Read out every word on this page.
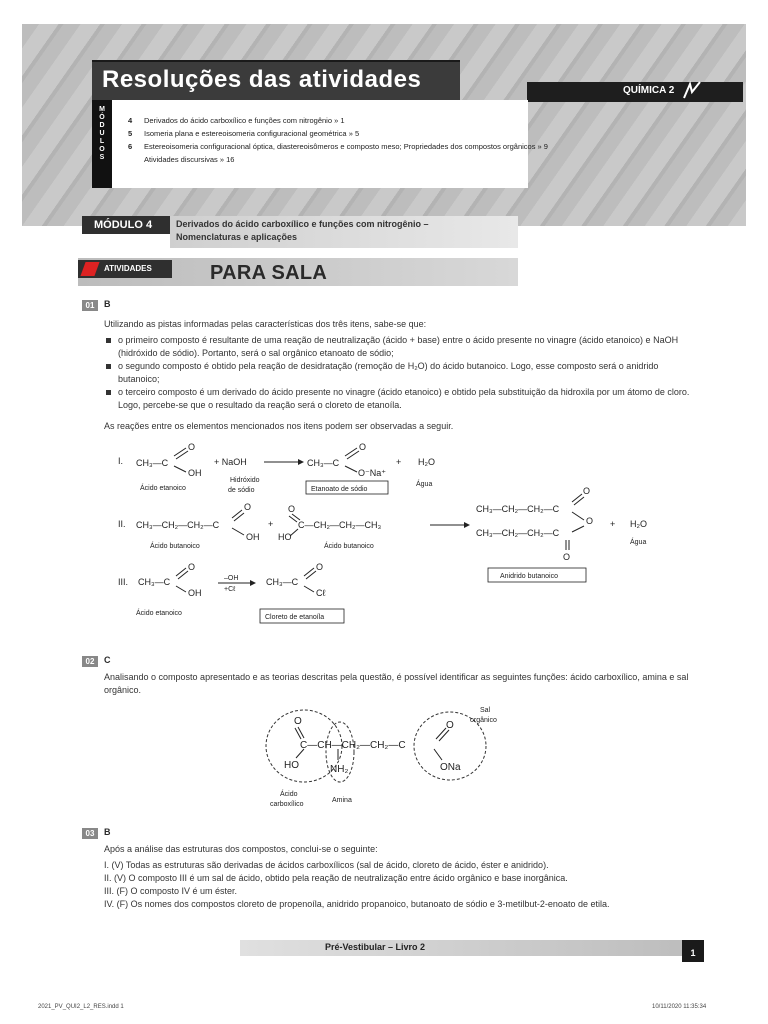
Resoluções das atividades	QUÍMICA 2
M
Ó
D
U
L
O
S
4 Derivados do ácido carboxílico e funções com nitrogênio » 1
5 Isomeria plana e estereoisomeria configuracional geométrica » 5
6 Estereoisomeria configuracional óptica, diastereoisômeros e composto meso; Propriedades dos compostos orgânicos » 9
Atividades discursivas » 16
MÓDULO 4	Derivados do ácido carboxílico e funções com nitrogênio –
Nomenclaturas e aplicações
ATIVIDADES	PARA SALA
01	B
Utilizando as pistas informadas pelas características dos três itens, sabe-se que:
o primeiro composto é resultante de uma reação de neutralização (ácido + base) entre o ácido presente no vinagre (ácido etanoico) e NaOH (hidróxido de sódio). Portanto, será o sal orgânico etanoato de sódio;
o segundo composto é obtido pela reação de desidratação (remoção de H₂O) do ácido butanoico. Logo, esse composto será o anidrido butanoico;
o terceiro composto é um derivado do ácido presente no vinagre (ácido etanoico) e obtido pela substituição da hidroxila por um átomo de cloro. Logo, percebe-se que o resultado da reação será o cloreto de etanoíla.
As reações entre os elementos mencionados nos itens podem ser observadas a seguir.
I. CH₃—C
O
OH
+ NaOH	CH₃—C
O
O⁻Na⁺
+ H₂O
Ácido etanoico
Hidróxido
de sódio	Etanoato de sódio
Água
II. CH₃—CH₂—CH₂—C
O
OH
+
O
C—CH₂—CH₂—CH₃
HO
CH₃—CH₂—CH₂—C
O
O
CH₃—CH₂—CH₂—C
O
+ H₂O
Ácido butanoico	Ácido butanoico
Água
Anidrido butanoico
III. CH₃—C
O
OH
–OH
+Cℓ
CH₃—C
O
Cℓ
Ácido etanoico
Cloreto de etanoíla
02	C
Analisando o composto apresentado e as teorias descritas pela questão, é possível identificar as seguintes funções: ácido carboxílico, amina e sal orgânico.
O
C—CH—CH₂—CH₂—C
HO	NH₂
O
ONa
Sal
orgânico
Ácido
carboxílico
Amina
03	B
Após a análise das estruturas dos compostos, conclui-se o seguinte:
I. (V) Todas as estruturas são derivadas de ácidos carboxílicos (sal de ácido, cloreto de ácido, éster e anidrido).
II. (V) O composto III é um sal de ácido, obtido pela reação de neutralização entre ácido orgânico e base inorgânica.
III. (F) O composto IV é um éster.
IV. (F) Os nomes dos compostos cloreto de propenoíla, anidrido propanoico, butanoato de sódio e 3-metilbut-2-enoato de etila.
Pré-Vestibular – Livro 2
1
2021_PV_QUI2_L2_RES.indd 1	10/11/2020 11:35:34
